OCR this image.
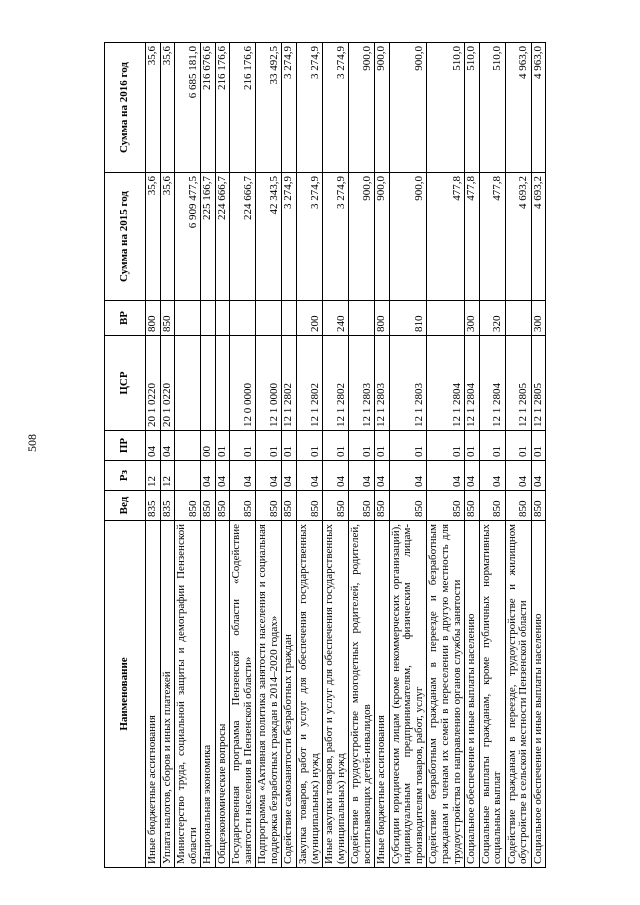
508
Наименование	Вед	Рз	ПР	ЦСР	ВР	Сумма на 2015 год	Сумма на 2016 год
Иные бюджетные ассигнования	835	12	04	20 1 0220	800	35,6	35,6
Уплата налогов, сборов и иных платежей	835	12	04	20 1 0220	850	35,6	35,6
Министерство труда, социальной защиты и демографии Пензенской области	850					6 909 477,5	6 685 181,0
Национальная экономика	850	04	00			225 166,7	216 676,6
Общеэкономические вопросы	850	04	01			224 666,7	216 176,6
Государственная программа Пензенской области «Содействие занятости населения в Пензенской области»	850	04	01	12 0 0000		224 666,7	216 176,6
Подпрограмма «Активная политика занятости населения и социальная поддержка безработных граждан в 2014–2020 годах»	850	04	01	12 1 0000		42 343,5	33 492,5
Содействие самозанятости безработных граждан	850	04	01	12 1 2802		3 274,9	3 274,9
Закупка товаров, работ и услуг для обеспечения государственных (муниципальных) нужд	850	04	01	12 1 2802	200	3 274,9	3 274,9
Иные закупки товаров, работ и услуг для обеспечения государственных (муниципальных) нужд	850	04	01	12 1 2802	240	3 274,9	3 274,9
Содействие в трудоустройстве многодетных родителей, родителей, воспитывающих детей-инвалидов	850	04	01	12 1 2803		900,0	900,0
Иные бюджетные ассигнования	850	04	01	12 1 2803	800	900,0	900,0
Субсидии юридическим лицам (кроме некоммерческих организаций), индивидуальным предпринимателям, физическим лицам-производителям товаров, работ, услуг	850	04	01	12 1 2803	810	900,0	900,0
Содействие безработным гражданам в переезде и безработным гражданам и членам их семей в переселении в другую местность для трудоустройства по направлению органов службы занятости	850	04	01	12 1 2804		477,8	510,0
Социальное обеспечение и иные выплаты населению	850	04	01	12 1 2804	300	477,8	510,0
Социальные выплаты гражданам, кроме публичных нормативных социальных выплат	850	04	01	12 1 2804	320	477,8	510,0
Содействие гражданам в переезде, трудоустройстве и жилищном обустройстве в сельской местности Пензенской области	850	04	01	12 1 2805		4 693,2	4 963,0
Социальное обеспечение и иные выплаты населению	850	04	01	12 1 2805	300	4 693,2	4 963,0
